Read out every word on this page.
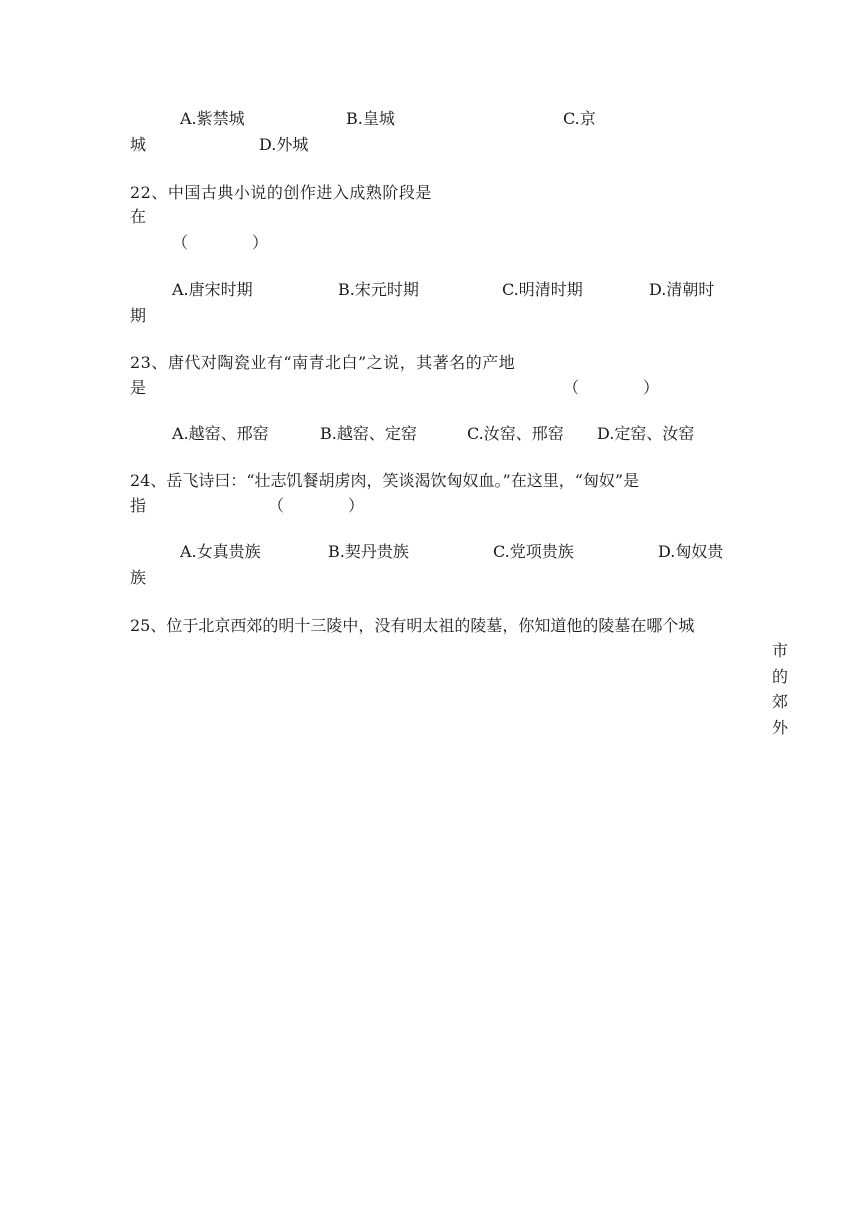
A.紫禁城	B.皇城	C.京
城	D.外城
22、中国古典小说的创作进入成熟阶段是
在
（　　　　）
A.唐宋时期	B.宋元时期	C.明清时期	D.清朝时
期
23、唐代对陶瓷业有“南青北白”之说，其著名的产地
是	（　　　　）
A.越窑、邢窑	B.越窑、定窑	C.汝窑、邢窑 D.定窑、汝窑
24、岳飞诗曰：“壮志饥餐胡虏肉，笑谈渴饮匈奴血。”在这里，“匈奴”是
指	（　　　　）
A.女真贵族	B.契丹贵族	C.党项贵族	D.匈奴贵
族
25、位于北京西郊的明十三陵中，没有明太祖的陵墓，你知道他的陵墓在哪个城
市
的
郊
外
